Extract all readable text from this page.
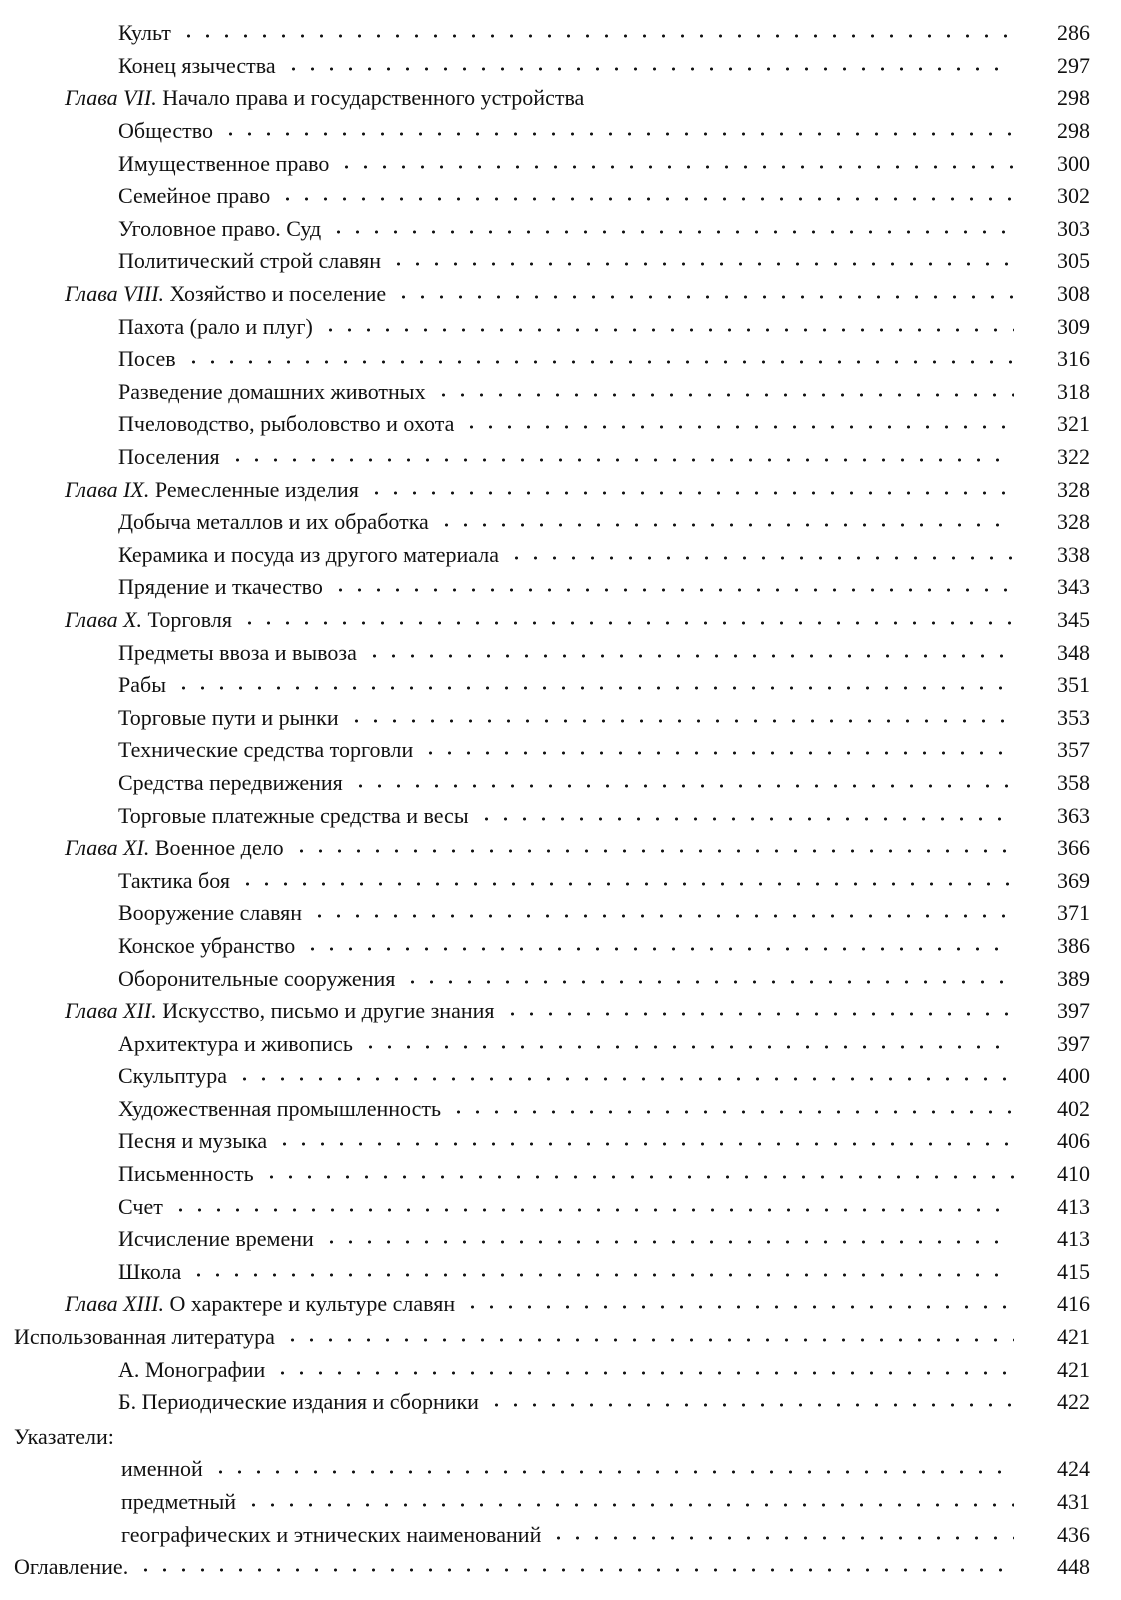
Культ	286
Конец язычества	297
Глава VII. Начало права и государственного устройства	298
Общество	298
Имущественное право	300
Семейное право	302
Уголовное право. Суд	303
Политический строй славян	305
Глава VIII. Хозяйство и поселение	308
Пахота (рало и плуг)	309
Посев	316
Разведение домашних животных	318
Пчеловодство, рыболовство и охота	321
Поселения	322
Глава IX. Ремесленные изделия	328
Добыча металлов и их обработка	328
Керамика и посуда из другого материала	338
Прядение и ткачество	343
Глава X. Торговля	345
Предметы ввоза и вывоза	348
Рабы	351
Торговые пути и рынки	353
Технические средства торговли	357
Средства передвижения	358
Торговые платежные средства и весы	363
Глава XI. Военное дело	366
Тактика боя	369
Вооружение славян	371
Конское убранство	386
Оборонительные сооружения	389
Глава XII. Искусство, письмо и другие знания	397
Архитектура и живопись	397
Скульптура	400
Художественная промышленность	402
Песня и музыка	406
Письменность	410
Счет	413
Исчисление времени	413
Школа	415
Глава XIII. О характере и культуре славян	416
Использованная литература	421
А. Монографии	421
Б. Периодические издания и сборники	422
Указатели:
именной	424
предметный	431
географических и этнических наименований	436
Оглавление.	448
